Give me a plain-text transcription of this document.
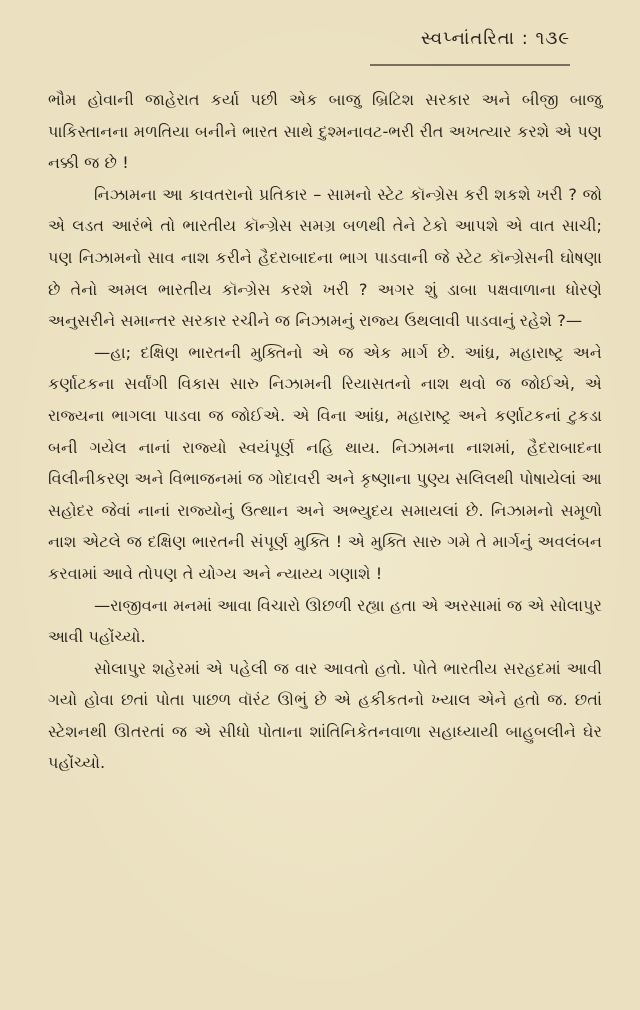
સ્વપ્નાંતરિતા : ૧૩૯

ભૌમ હોવાની જાહેરાત કર્યા પછી એક બાજુ બ્રિટિશ સરકાર અને બીજી બાજુ પાકિસ્તાનના મળતિયા બનીને ભારત સાથે દુશ્મનાવટ-ભરી રીત અખત્યાર કરશે એ પણ નક્કી જ છે !

નિઝામના આ કાવતરાનો પ્રતિકાર – સામનો સ્ટેટ કૉન્ગ્રેસ કરી શકશે ખરી ? જો એ લડત આરંભે તો ભારતીય કૉન્ગ્રેસ સમગ્ર બળથી તેને ટેકો આપશે એ વાત સાચી; પણ નિઝામનો સાવ નાશ કરીને હૈદરાબાદના ભાગ પાડવાની જે સ્ટેટ કૉન્ગ્રેસની ઘોષણા છે તેનો અમલ ભારતીય કૉન્ગ્રેસ કરશે ખરી ? અગર શું ડાબા પક્ષવાળાના ધોરણે અનુસરીને સમાન્તર સરકાર રચીને જ નિઝામનું રાજ્ય ઉથલાવી પાડવાનું રહેશે ?—

—હા; દક્ષિણ ભારતની મુક્તિનો એ જ એક માર્ગ છે. આંધ્ર, મહારાષ્ટ્ર અને કર્ણાટકના સર્વાંગી વિકાસ સારુ નિઝામની રિયાસતનો નાશ થવો જ જોઈએ, એ રાજ્યના ભાગલા પાડવા જ જોઈએ. એ વિના આંધ્ર, મહારાષ્ટ્ર અને કર્ણાટકનાં ટુકડા બની ગયેલ નાનાં રાજ્યો સ્વયંપૂર્ણ નહિ થાય. નિઝામના નાશમાં, હૈદરાબાદના વિલીનીકરણ અને વિભાજનમાં જ ગોદાવરી અને કૃષ્ણાના પુણ્ય સલિલથી પોષાયેલાં આ સહોદર જેવાં નાનાં રાજ્યોનું ઉત્થાન અને અભ્યુદય સમાયલાં છે. નિઝામનો સમૂળો નાશ એટલે જ દક્ષિણ ભારતની સંપૂર્ણ મુક્તિ ! એ મુક્તિ સારુ ગમે તે માર્ગનું અવલંબન કરવામાં આવે તોપણ તે યોગ્ય અને ન્યાય્ય ગણાશે !

—રાજીવના મનમાં આવા વિચારો ઊછળી રહ્યા હતા એ અરસામાં જ એ સોલાપુર આવી પહોંચ્યો.

સોલાપુર શહેરમાં એ પહેલી જ વાર આવતો હતો. પોતે ભારતીય સરહદમાં આવી ગયો હોવા છતાં પોતા પાછળ વૉરંટ ઊભું છે એ હકીકતનો ખ્યાલ એને હતો જ. છતાં સ્ટેશનથી ઊતરતાં જ એ સીધો પોતાના શાંતિનિકેતનવાળા સહાધ્યાયી બાહુબલીને ઘેર પહોંચ્યો.
